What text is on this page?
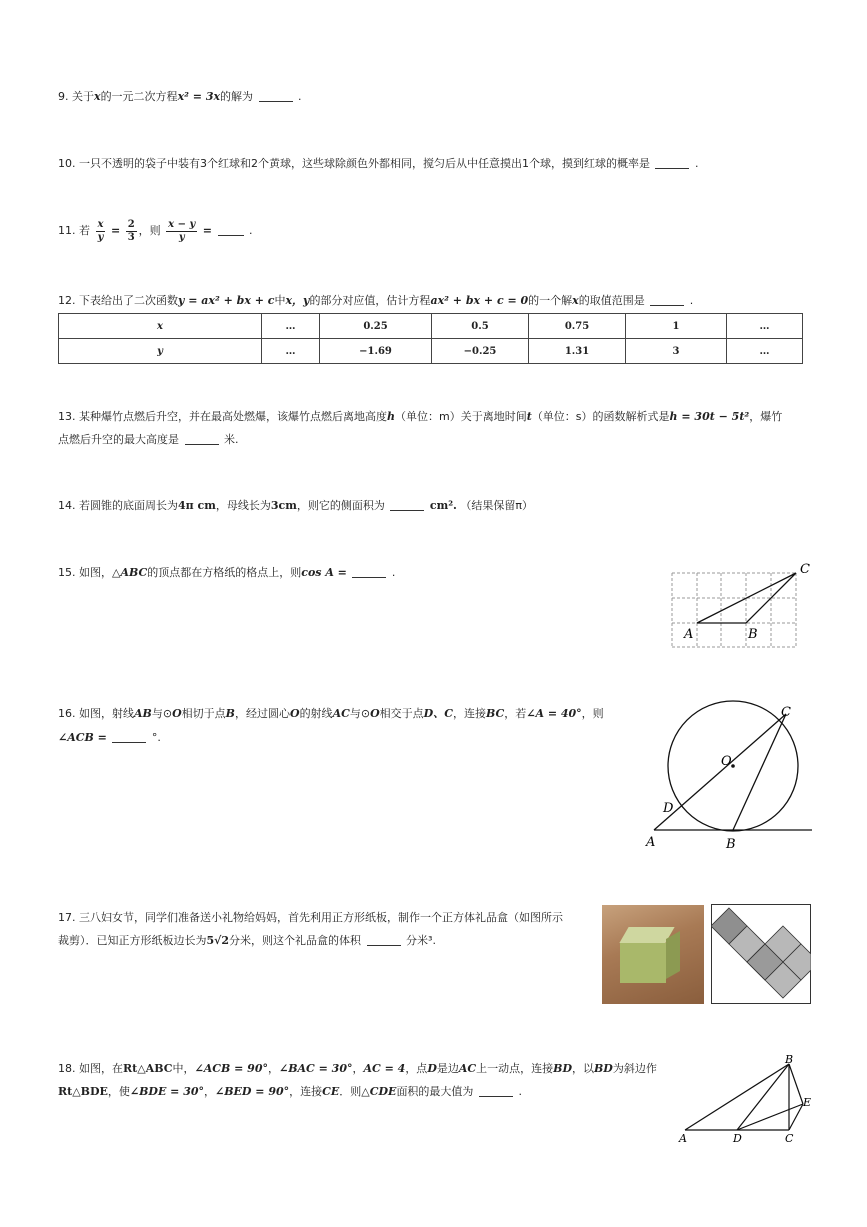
9. 关于x的一元二次方程x² = 3x的解为	.
10. 一只不透明的袋子中装有3个红球和2个黄球，这些球除颜色外都相同，搅匀后从中任意摸出1个球，摸到红球的概率是	.
11. 若 $\frac{x}{y} = \frac{2}{3}$ ，则 $\frac{x - y}{y}$ =	.
12. 下表给出了二次函数y = ax² + bx + c中x，y的部分对应值，估计方程ax² + bx + c = 0的一个解x的取值范围是	.
x	…	0.25	0.5	0.75	1	…
y	…	−1.69	−0.25	1.31	3	…
13. 某种爆竹点燃后升空，并在最高处燃爆，该爆竹点燃后离地高度h（单位：m）关于离地时间t（单位：s）的函数解析式是h = 30t − 5t²，爆竹
点燃后升空的最大高度是	米.
14. 若圆锥的底面周长为4π cm，母线长为3cm，则它的侧面积为	cm². （结果保留π）
15. 如图，△ABC的顶点都在方格纸的格点上，则cos A =	.
A	B
C
16. 如图，射线AB与⊙O相切于点B，经过圆心O的射线AC与⊙O相交于点D、C，连接BC，若∠A = 40°，则
∠ACB =	°.
A	B
C
D
O
17. 三八妇女节，同学们准备送小礼物给妈妈，首先利用正方形纸板，制作一个正方体礼品盒（如图所示
裁剪）．已知正方形纸板边长为5√2分米，则这个礼品盒的体积	分米³.
18. 如图，在Rt△ABC中，∠ACB = 90°，∠BAC = 30°，AC = 4，点D是边AC上一动点，连接BD，以BD为斜边作
Rt△BDE，使∠BDE = 30°，∠BED = 90°，连接CE．则△CDE面积的最大值为	.
A
B
C
D
E
